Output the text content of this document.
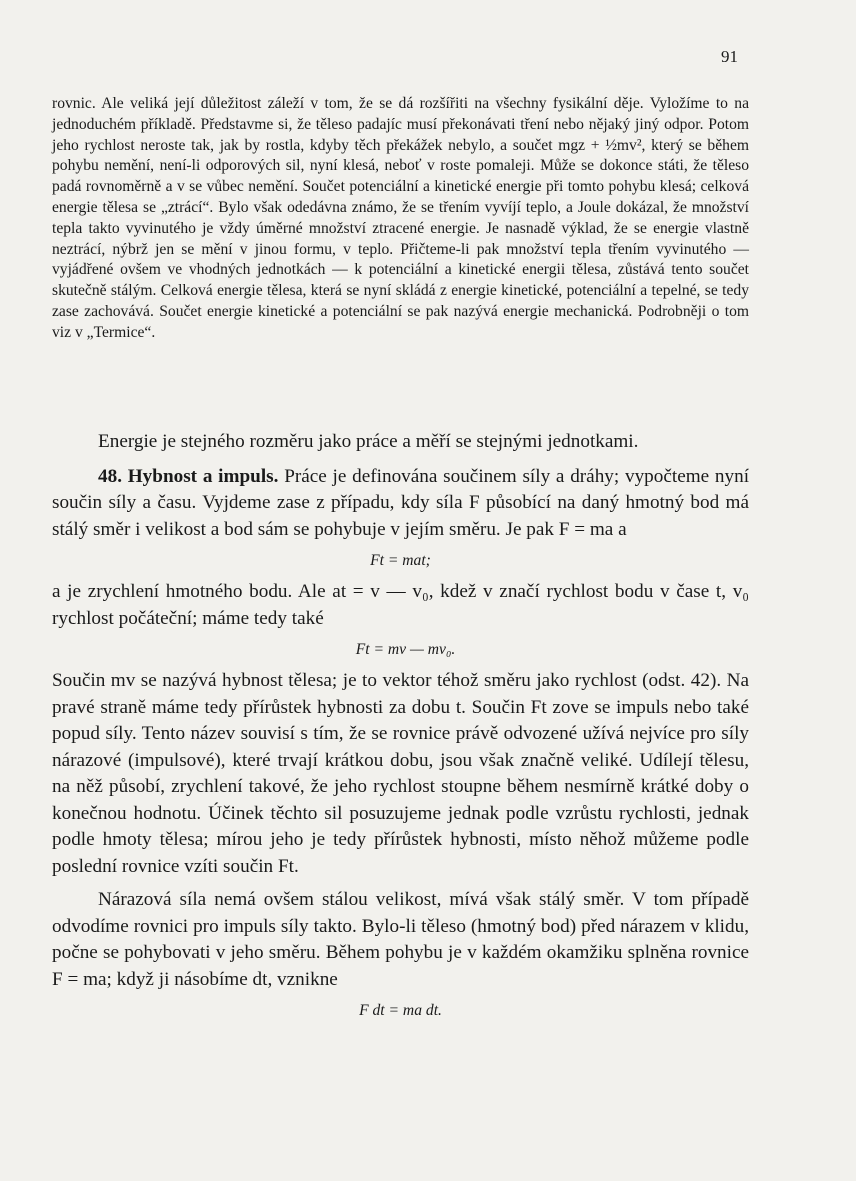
91

rovnic. Ale veliká její důležitost záleží v tom, že se dá rozšířiti na všechny fysikální děje. Vyložíme to na jednoduchém příkladě. Představme si, že těleso padajíc musí překonávati tření nebo nějaký jiný odpor. Potom jeho rychlost neroste tak, jak by rostla, kdyby těch překážek nebylo, a součet mgz + ½mv², který se během pohybu nemění, není-li odporových sil, nyní klesá, neboť v roste pomaleji. Může se dokonce státi, že těleso padá rovnoměrně a v se vůbec nemění. Součet potenciální a kinetické energie při tomto pohybu klesá; celková energie tělesa se „ztrácí“. Bylo však odedávna známo, že se třením vyvíjí teplo, a Joule dokázal, že množství tepla takto vyvinutého je vždy úměrné množství ztracené energie. Je nasnadě výklad, že se energie vlastně neztrácí, nýbrž jen se mění v jinou formu, v teplo. Přičteme-li pak množství tepla třením vyvinutého — vyjádřené ovšem ve vhodných jednotkách — k potenciální a kinetické energii tělesa, zůstává tento součet skutečně stálým. Celková energie tělesa, která se nyní skládá z energie kinetické, potenciální a tepelné, se tedy zase zachovává. Součet energie kinetické a potenciální se pak nazývá energie mechanická. Podrobněji o tom viz v „Termice“.

Energie je stejného rozměru jako práce a měří se stejnými jednotkami.

48. Hybnost a impuls. Práce je definována součinem síly a dráhy; vypočteme nyní součin síly a času. Vyjdeme zase z případu, kdy síla F působící na daný hmotný bod má stálý směr i velikost a bod sám se pohybuje v jejím směru. Je pak F = ma a

Ft = mat;

a je zrychlení hmotného bodu. Ale at = v — v₀, kdež v značí rychlost bodu v čase t, v₀ rychlost počáteční; máme tedy také

Ft = mv — mv₀.

Součin mv se nazývá hybnost tělesa; je to vektor téhož směru jako rychlost (odst. 42). Na pravé straně máme tedy přírůstek hybnosti za dobu t. Součin Ft zove se impuls nebo také popud síly. Tento název souvisí s tím, že se rovnice právě odvozené užívá nejvíce pro síly nárazové (impulsové), které trvají krátkou dobu, jsou však značně veliké. Udílejí tělesu, na něž působí, zrychlení takové, že jeho rychlost stoupne během nesmírně krátké doby o konečnou hodnotu. Účinek těchto sil posuzujeme jednak podle vzrůstu rychlosti, jednak podle hmoty tělesa; mírou jeho je tedy přírůstek hybnosti, místo něhož můžeme podle poslední rovnice vzíti součin Ft.

Nárazová síla nemá ovšem stálou velikost, mívá však stálý směr. V tom případě odvodíme rovnici pro impuls síly takto. Bylo-li těleso (hmotný bod) před nárazem v klidu, počne se pohybovati v jeho směru. Během pohybu je v každém okamžiku splněna rovnice F = ma; když ji násobíme dt, vznikne

F dt = ma dt.
